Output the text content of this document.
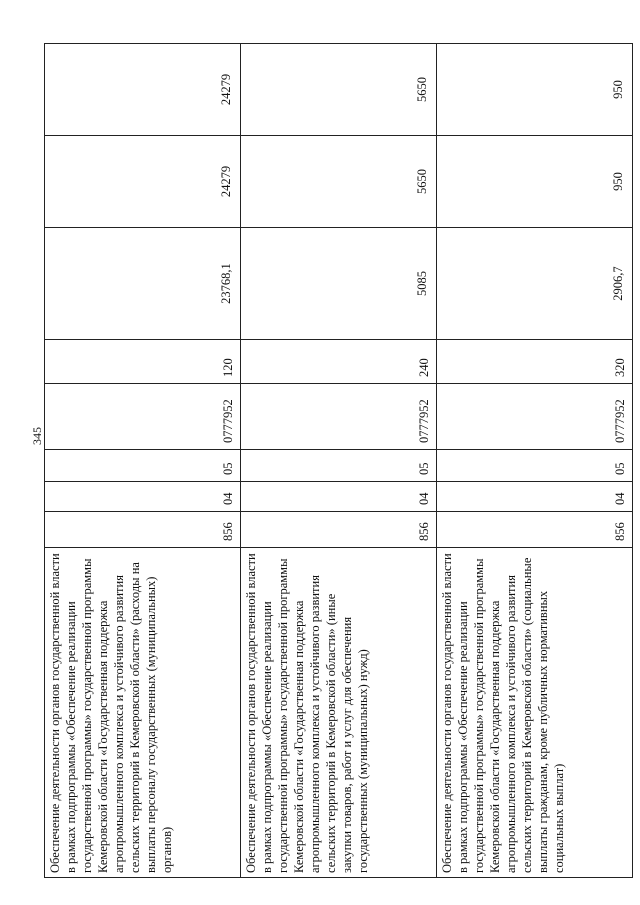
345
Обеспечение деятельности органов государственной власти в рамках подпрограммы «Обеспечение реализации государственной программы» государственной программы Кемеровской области «Государственная поддержка агропромышленного комплекса и устойчивого развития сельских территорий в Кемеровской области» (расходы на выплаты персоналу государственных (муниципальных) органов)	856	04	05	0777952	120	23768,1	24279	24279
Обеспечение деятельности органов государственной власти в рамках подпрограммы «Обеспечение реализации государственной программы» государственной программы Кемеровской области «Государственная поддержка агропромышленного комплекса и устойчивого развития сельских территорий в Кемеровской области» (иные закупки товаров, работ и услуг для обеспечения государственных (муниципальных) нужд)	856	04	05	0777952	240	5085	5650	5650
Обеспечение деятельности органов государственной власти в рамках подпрограммы «Обеспечение реализации государственной программы» государственной программы Кемеровской области «Государственная поддержка агропромышленного комплекса и устойчивого развития сельских территорий в Кемеровской области» (социальные выплаты гражданам, кроме публичных нормативных социальных выплат)	856	04	05	0777952	320	2906,7	950	950
